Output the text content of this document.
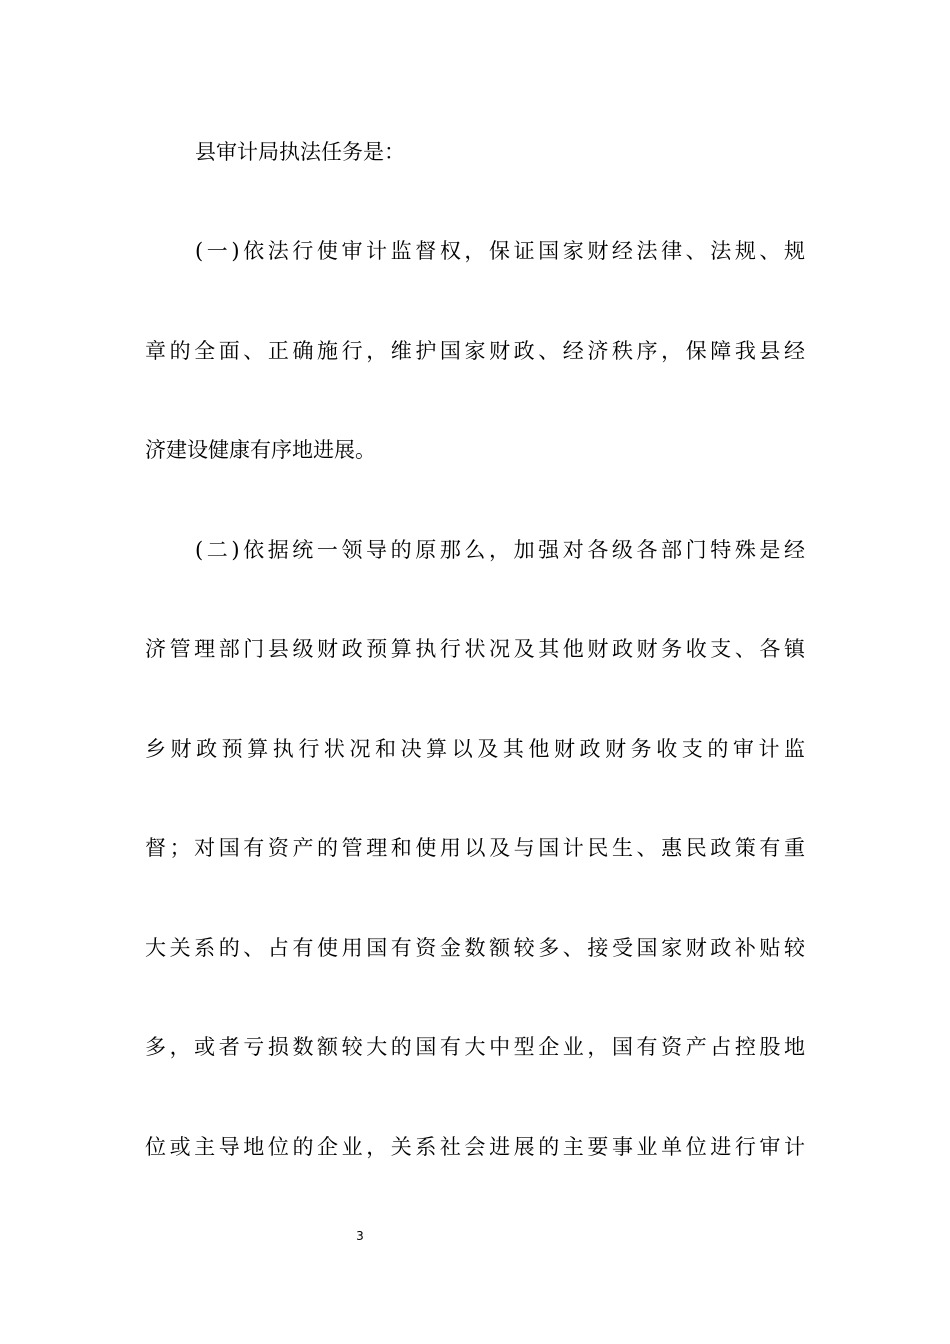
县审计局执法任务是：
(一)依法行使审计监督权，保证国家财经法律、法规、规
章的全面、正确施行，维护国家财政、经济秩序，保障我县经
济建设健康有序地进展。
(二)依据统一领导的原那么，加强对各级各部门特殊是经
济管理部门县级财政预算执行状况及其他财政财务收支、各镇
乡财政预算执行状况和决算以及其他财政财务收支的审计监
督；对国有资产的管理和使用以及与国计民生、惠民政策有重
大关系的、占有使用国有资金数额较多、接受国家财政补贴较
多，或者亏损数额较大的国有大中型企业，国有资产占控股地
位或主导地位的企业，关系社会进展的主要事业单位进行审计
3
